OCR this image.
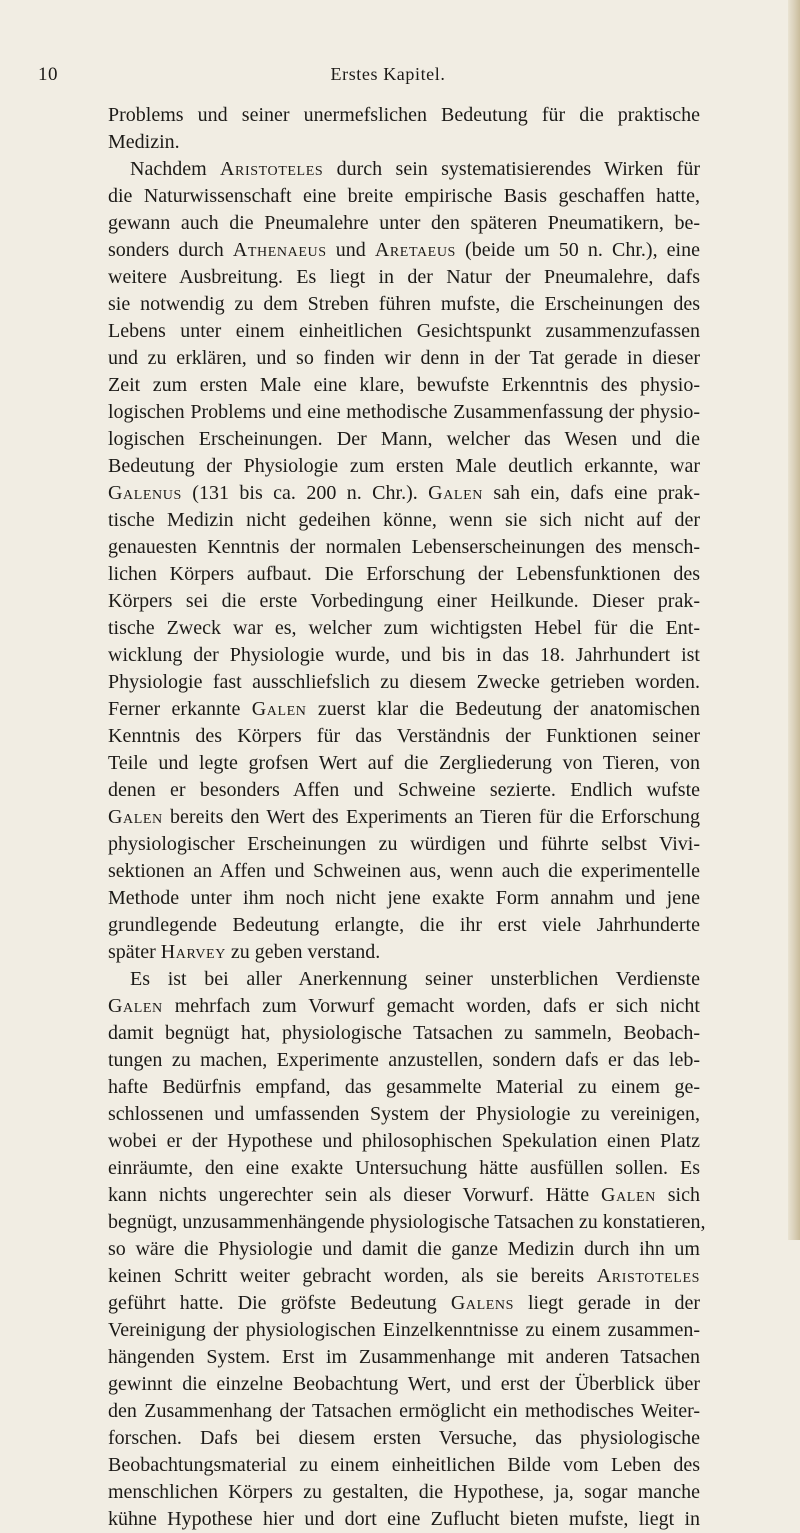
10	Erstes Kapitel.
Problems und seiner unermefslichen Bedeutung für die praktische
Medizin.
Nachdem Aristoteles durch sein systematisierendes Wirken für
die Naturwissenschaft eine breite empirische Basis geschaffen hatte,
gewann auch die Pneumalehre unter den späteren Pneumatikern, be-
sonders durch Athenaeus und Aretaeus (beide um 50 n. Chr.), eine
weitere Ausbreitung. Es liegt in der Natur der Pneumalehre, dafs
sie notwendig zu dem Streben führen mufste, die Erscheinungen des
Lebens unter einem einheitlichen Gesichtspunkt zusammenzufassen
und zu erklären, und so finden wir denn in der Tat gerade in dieser
Zeit zum ersten Male eine klare, bewufste Erkenntnis des physio-
logischen Problems und eine methodische Zusammenfassung der physio-
logischen Erscheinungen. Der Mann, welcher das Wesen und die
Bedeutung der Physiologie zum ersten Male deutlich erkannte, war
Galenus (131 bis ca. 200 n. Chr.). Galen sah ein, dafs eine prak-
tische Medizin nicht gedeihen könne, wenn sie sich nicht auf der
genauesten Kenntnis der normalen Lebenserscheinungen des mensch-
lichen Körpers aufbaut. Die Erforschung der Lebensfunktionen des
Körpers sei die erste Vorbedingung einer Heilkunde. Dieser prak-
tische Zweck war es, welcher zum wichtigsten Hebel für die Ent-
wicklung der Physiologie wurde, und bis in das 18. Jahrhundert ist
Physiologie fast ausschliefslich zu diesem Zwecke getrieben worden.
Ferner erkannte Galen zuerst klar die Bedeutung der anatomischen
Kenntnis des Körpers für das Verständnis der Funktionen seiner
Teile und legte grofsen Wert auf die Zergliederung von Tieren, von
denen er besonders Affen und Schweine sezierte. Endlich wufste
Galen bereits den Wert des Experiments an Tieren für die Erforschung
physiologischer Erscheinungen zu würdigen und führte selbst Vivi-
sektionen an Affen und Schweinen aus, wenn auch die experimentelle
Methode unter ihm noch nicht jene exakte Form annahm und jene
grundlegende Bedeutung erlangte, die ihr erst viele Jahrhunderte
später Harvey zu geben verstand.
Es ist bei aller Anerkennung seiner unsterblichen Verdienste
Galen mehrfach zum Vorwurf gemacht worden, dafs er sich nicht
damit begnügt hat, physiologische Tatsachen zu sammeln, Beobach-
tungen zu machen, Experimente anzustellen, sondern dafs er das leb-
hafte Bedürfnis empfand, das gesammelte Material zu einem ge-
schlossenen und umfassenden System der Physiologie zu vereinigen,
wobei er der Hypothese und philosophischen Spekulation einen Platz
einräumte, den eine exakte Untersuchung hätte ausfüllen sollen. Es
kann nichts ungerechter sein als dieser Vorwurf. Hätte Galen sich
begnügt, unzusammenhängende physiologische Tatsachen zu konstatieren,
so wäre die Physiologie und damit die ganze Medizin durch ihn um
keinen Schritt weiter gebracht worden, als sie bereits Aristoteles
geführt hatte. Die gröfste Bedeutung Galens liegt gerade in der
Vereinigung der physiologischen Einzelkenntnisse zu einem zusammen-
hängenden System. Erst im Zusammenhange mit anderen Tatsachen
gewinnt die einzelne Beobachtung Wert, und erst der Überblick über
den Zusammenhang der Tatsachen ermöglicht ein methodisches Weiter-
forschen. Dafs bei diesem ersten Versuche, das physiologische
Beobachtungsmaterial zu einem einheitlichen Bilde vom Leben des
menschlichen Körpers zu gestalten, die Hypothese, ja, sogar manche
kühne Hypothese hier und dort eine Zuflucht bieten mufste, liegt in
